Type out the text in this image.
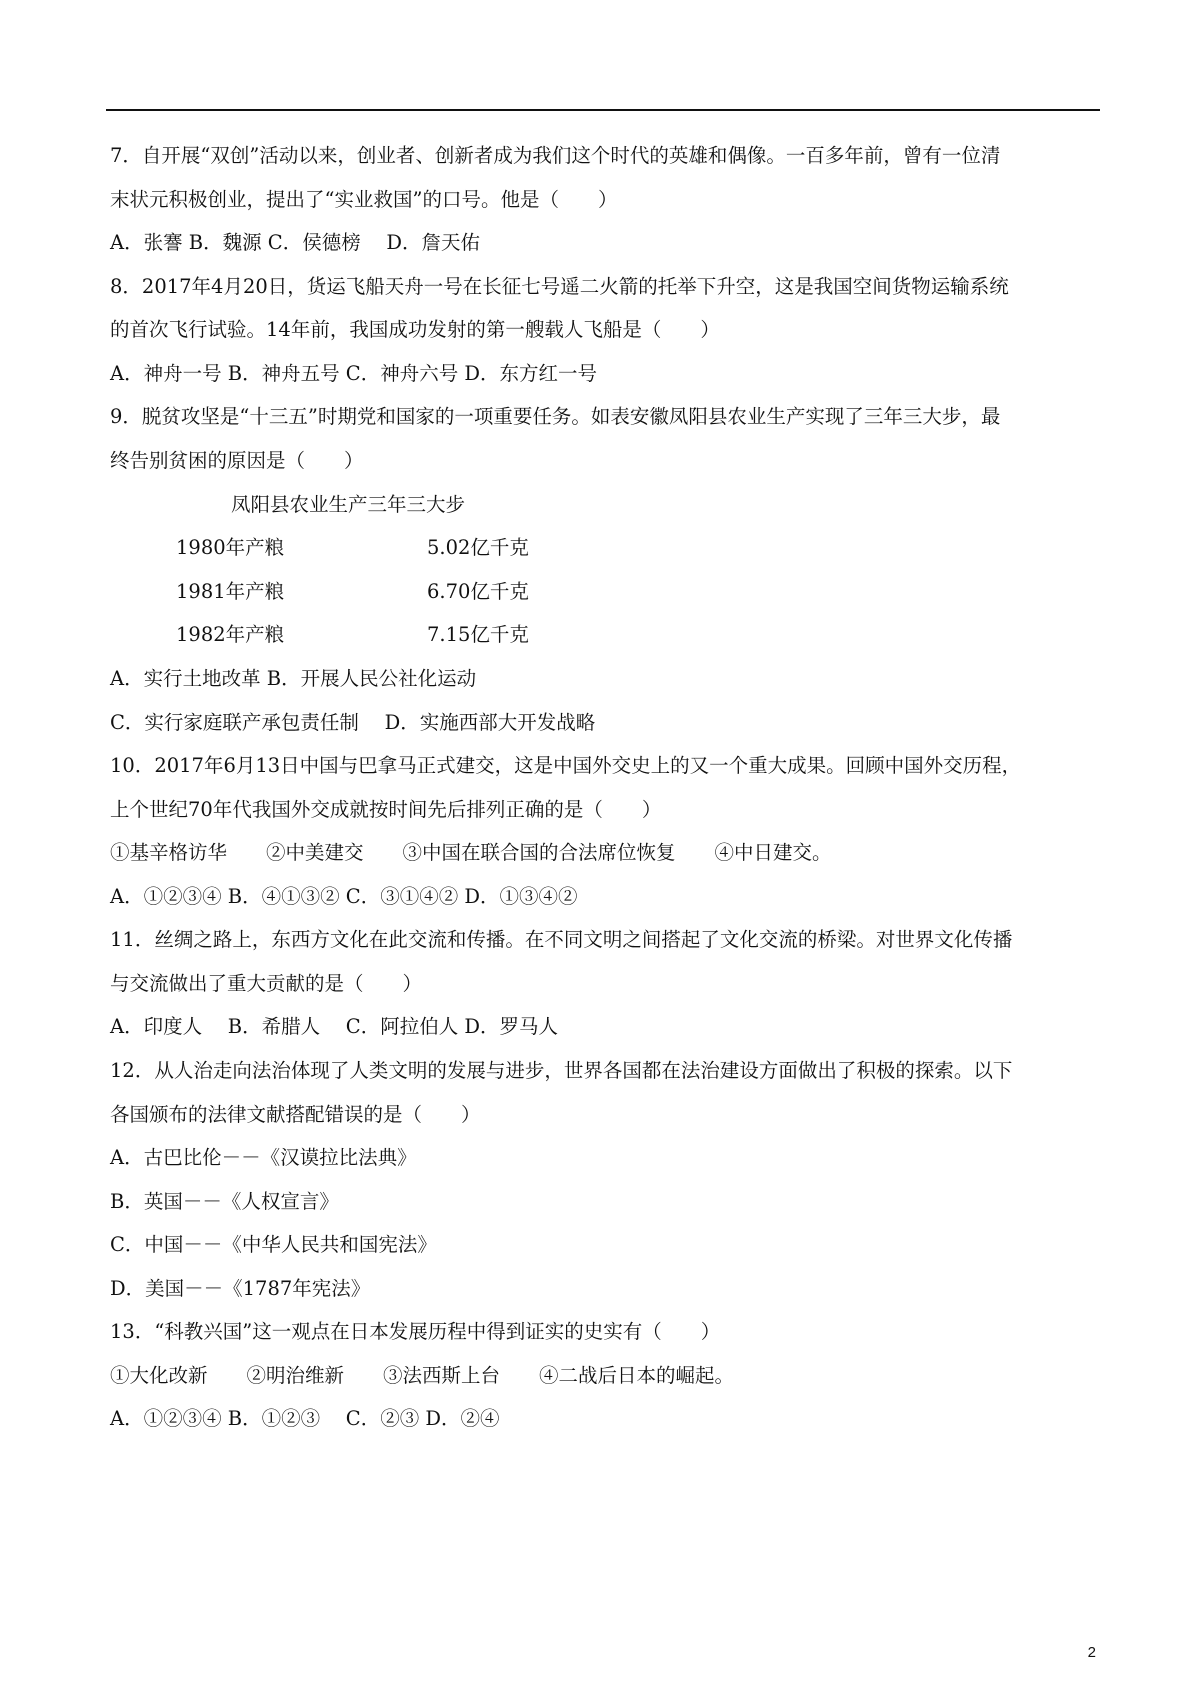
7．自开展“双创”活动以来，创业者、创新者成为我们这个时代的英雄和偶像。一百多年前，曾有一位清
末状元积极创业，提出了“实业救国”的口号。他是（　　）
A．张謇 B．魏源 C．侯德榜　 D．詹天佑
8．2017年4月20日，货运飞船天舟一号在长征七号遥二火箭的托举下升空，这是我国空间货物运输系统
的首次飞行试验。14年前，我国成功发射的第一艘载人飞船是（　　）
A．神舟一号 B．神舟五号 C．神舟六号 D．东方红一号
9．脱贫攻坚是“十三五”时期党和国家的一项重要任务。如表安徽凤阳县农业生产实现了三年三大步，最
终告别贫困的原因是（　　）
凤阳县农业生产三年三大步
1980年产粮	5.02亿千克
1981年产粮	6.70亿千克
1982年产粮	7.15亿千克
A．实行土地改革 B．开展人民公社化运动
C．实行家庭联产承包责任制　 D．实施西部大开发战略
10．2017年6月13日中国与巴拿马正式建交，这是中国外交史上的又一个重大成果。回顾中国外交历程，
上个世纪70年代我国外交成就按时间先后排列正确的是（　　）
①基辛格访华　　②中美建交　　③中国在联合国的合法席位恢复　　④中日建交。
A．①②③④ B．④①③② C．③①④② D．①③④②
11．丝绸之路上，东西方文化在此交流和传播。在不同文明之间搭起了文化交流的桥梁。对世界文化传播
与交流做出了重大贡献的是（　　）
A．印度人　 B．希腊人　 C．阿拉伯人 D．罗马人
12．从人治走向法治体现了人类文明的发展与进步，世界各国都在法治建设方面做出了积极的探索。以下
各国颁布的法律文献搭配错误的是（　　）
A．古巴比伦－－《汉谟拉比法典》
B．英国－－《人权宣言》
C．中国－－《中华人民共和国宪法》
D．美国－－《1787年宪法》
13．“科教兴国”这一观点在日本发展历程中得到证实的史实有（　　）
①大化改新　　②明治维新　　③法西斯上台　　④二战后日本的崛起。
A．①②③④ B．①②③　 C．②③ D．②④
2
